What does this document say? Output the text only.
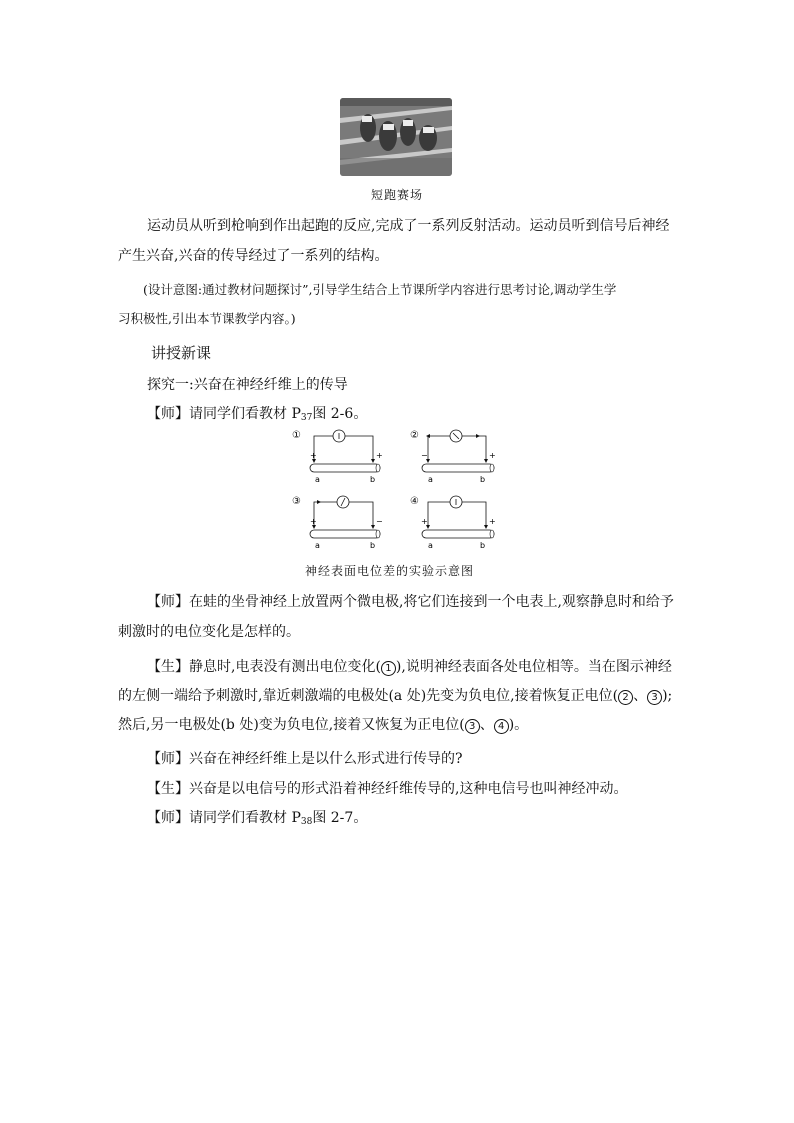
短跑赛场
运动员从听到枪响到作出起跑的反应,完成了一系列反射活动。运动员听到信号后神经
产生兴奋,兴奋的传导经过了一系列的结构。
(设计意图:通过教材问题探讨”,引导学生结合上节课所学内容进行思考讨论,调动学生学
习积极性,引出本节课教学内容。)
讲授新课
探究一:兴奋在神经纤维上的传导
【师】请同学们看教材 $P_{37}$图 2-6。
①
+	+
a	b
②
−	+
a	b
③
+	−
a	b
④
+	+
a	b
神经表面电位差的实验示意图
【师】在蛙的坐骨神经上放置两个微电极,将它们连接到一个电表上,观察静息时和给予
刺激时的电位变化是怎样的。
【生】静息时,电表没有测出电位变化( 1 ),说明神经表面各处电位相等。当在图示神经
的左侧一端给予刺激时,靠近刺激端的电极处(a 处)先变为负电位,接着恢复正电位( 2 、 3 );
然后,另一电极处(b 处)变为负电位,接着又恢复为正电位( 3 、 4 )。
【师】兴奋在神经纤维上是以什么形式进行传导的?
【生】兴奋是以电信号的形式沿着神经纤维传导的,这种电信号也叫神经冲动。
【师】请同学们看教材 $P_{38}$图 2-7。
